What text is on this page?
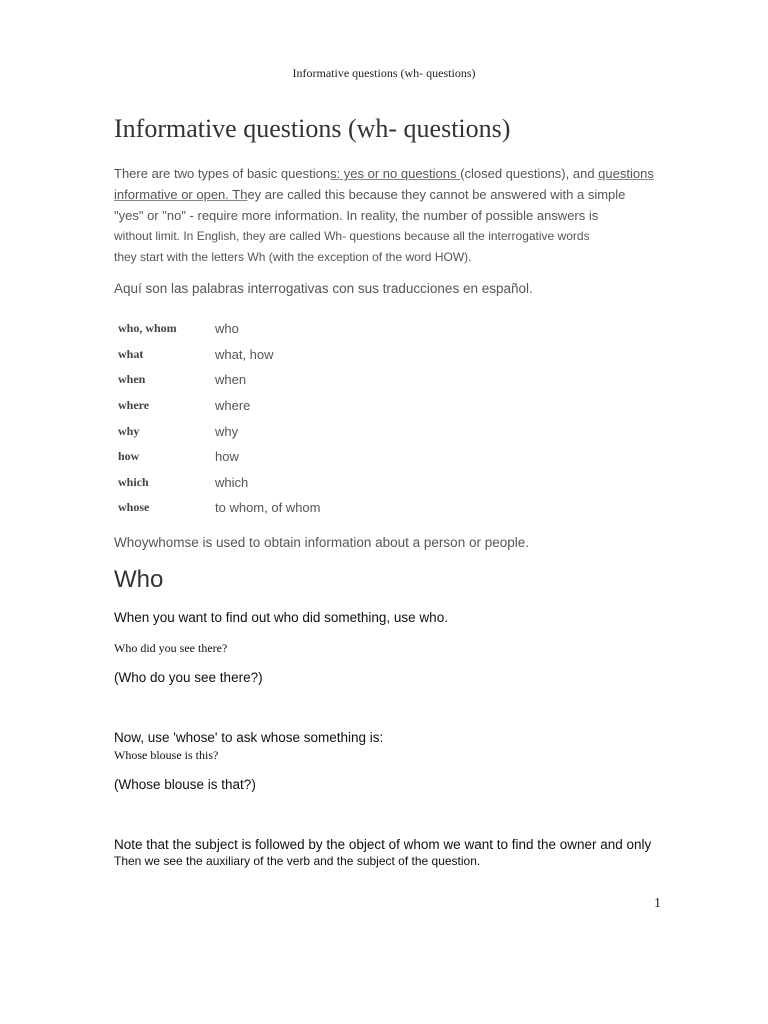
Informative questions (wh- questions)
Informative questions (wh- questions)
There are two types of basic questions: yes or no questions (closed questions), and questions
informative or open. They are called this because they cannot be answered with a simple
"yes" or "no" - require more information. In reality, the number of possible answers is
without limit. In English, they are called Wh- questions because all the interrogative words
they start with the letters Wh (with the exception of the word HOW).
Aquí son las palabras interrogativas con sus traducciones en español.
who, whom	who
what	what, how
when	when
where	where
why	why
how	how
which	which
whose	to whom, of whom
Whoywhomse is used to obtain information about a person or people.
Who
When you want to find out who did something, use who.
Who did you see there?
(Who do you see there?)
Now, use 'whose' to ask whose something is:
Whose blouse is this?
(Whose blouse is that?)
Note that the subject is followed by the object of whom we want to find the owner and only
Then we see the auxiliary of the verb and the subject of the question.
1
